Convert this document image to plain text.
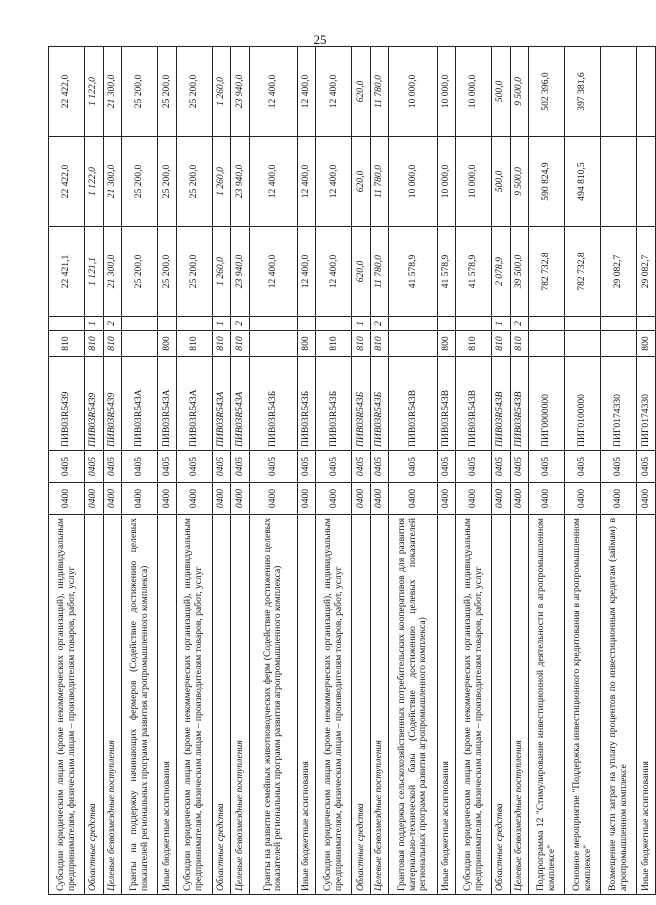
25
Субсидии юридическим лицам (кроме некоммерческих организаций), индивидуальным предпринимателям, физическим лицам – производителям товаров, работ, услуг	0400	0405	ПИВ03R5439	810		22 421,1	22 422,0	22 422,0
Областные средства	0400	0405	ПИВ03R5439	810	1	1 121,1	1 122,0	1 122,0
Целевые безвозмездные поступления	0400	0405	ПИВ03R5439	810	2	21 300,0	21 300,0	21 300,0
Гранты на поддержку начинающих фермеров (Содействие достижению целевых показателей региональных программ развития агропромышленного комплекса)	0400	0405	ПИВ03R543А			25 200,0	25 200,0	25 200,0
Иные бюджетные ассигнования	0400	0405	ПИВ03R543А	800		25 200,0	25 200,0	25 200,0
Субсидии юридическим лицам (кроме некоммерческих организаций), индивидуальным предпринимателям, физическим лицам – производителям товаров, работ, услуг	0400	0405	ПИВ03R543А	810		25 200,0	25 200,0	25 200,0
Областные средства	0400	0405	ПИВ03R543А	810	1	1 260,0	1 260,0	1 260,0
Целевые безвозмездные поступления	0400	0405	ПИВ03R543А	810	2	23 940,0	23 940,0	23 940,0
Гранты на развитие семейных животноводческих ферм (Содействие достижению целевых показателей региональных программ развития агропромышленного комплекса)	0400	0405	ПИВ03R543Б			12 400,0	12 400,0	12 400,0
Иные бюджетные ассигнования	0400	0405	ПИВ03R543Б	800		12 400,0	12 400,0	12 400,0
Субсидии юридическим лицам (кроме некоммерческих организаций), индивидуальным предпринимателям, физическим лицам – производителям товаров, работ, услуг	0400	0405	ПИВ03R543Б	810		12 400,0	12 400,0	12 400,0
Областные средства	0400	0405	ПИВ03R543Б	810	1	620,0	620,0	620,0
Целевые безвозмездные поступления	0400	0405	ПИВ03R543Б	810	2	11 780,0	11 780,0	11 780,0
Грантовая поддержка сельскохозяйственных потребительских кооперативов для развития материально-технической базы (Содействие достижению целевых показателей региональных программ развития агропромышленного комплекса)	0400	0405	ПИВ03R543В			41 578,9	10 000,0	10 000,0
Иные бюджетные ассигнования	0400	0405	ПИВ03R543В	800		41 578,9	10 000,0	10 000,0
Субсидии юридическим лицам (кроме некоммерческих организаций), индивидуальным предпринимателям, физическим лицам – производителям товаров, работ, услуг	0400	0405	ПИВ03R543В	810		41 578,9	10 000,0	10 000,0
Областные средства	0400	0405	ПИВ03R543В	810	1	2 078,9	500,0	500,0
Целевые безвозмездные поступления	0400	0405	ПИВ03R543В	810	2	39 500,0	9 500,0	9 500,0
Подпрограмма 12 "Стимулирование инвестиционной деятельности в агропромышленном комплексе"	0400	0405	ПИГ0000000			782 732,8	590 824,9	502 396,0
Основное мероприятие "Поддержка инвестиционного кредитования в агропромышленном комплексе"	0400	0405	ПИГ0100000			782 732,8	494 810,5	397 381,6
Возмещение части затрат на уплату процентов по инвестиционным кредитам (займам) в агропромышленном комплексе	0400	0405	ПИГ0174330			29 082,7		
Иные бюджетные ассигнования	0400	0405	ПИГ0174330	800		29 082,7		
